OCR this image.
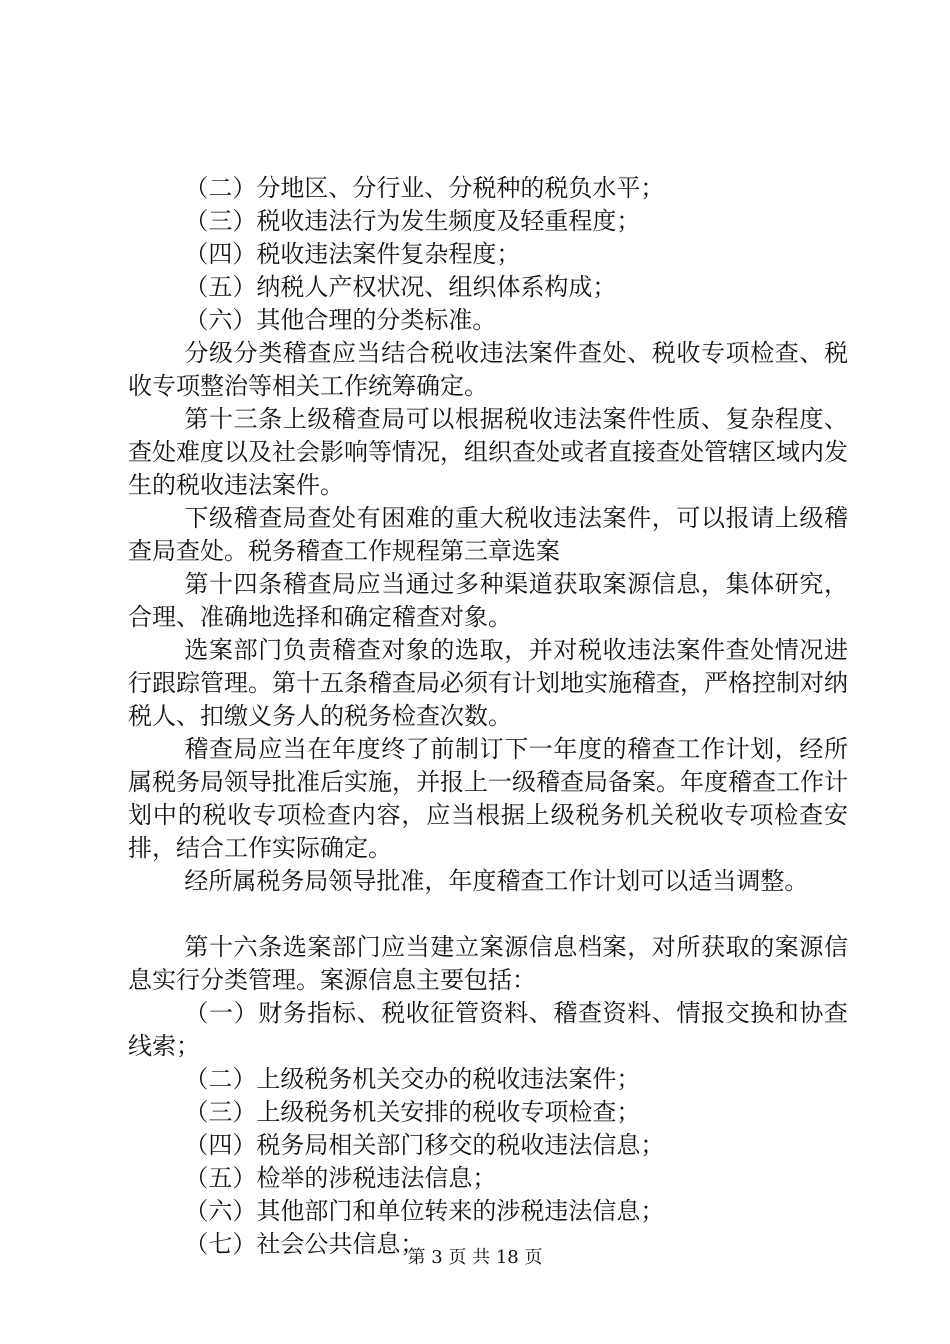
（二）分地区、分行业、分税种的税负水平；

（三）税收违法行为发生频度及轻重程度；

（四）税收违法案件复杂程度；

（五）纳税人产权状况、组织体系构成；

（六）其他合理的分类标准。

分级分类稽查应当结合税收违法案件查处、税收专项检查、税收专项整治等相关工作统筹确定。

第十三条上级稽查局可以根据税收违法案件性质、复杂程度、查处难度以及社会影响等情况，组织查处或者直接查处管辖区域内发生的税收违法案件。

下级稽查局查处有困难的重大税收违法案件，可以报请上级稽查局查处。税务稽查工作规程第三章选案

第十四条稽查局应当通过多种渠道获取案源信息，集体研究，合理、准确地选择和确定稽查对象。

选案部门负责稽查对象的选取，并对税收违法案件查处情况进行跟踪管理。第十五条稽查局必须有计划地实施稽查，严格控制对纳税人、扣缴义务人的税务检查次数。

稽查局应当在年度终了前制订下一年度的稽查工作计划，经所属税务局领导批准后实施，并报上一级稽查局备案。年度稽查工作计划中的税收专项检查内容，应当根据上级税务机关税收专项检查安排，结合工作实际确定。

经所属税务局领导批准，年度稽查工作计划可以适当调整。

第十六条选案部门应当建立案源信息档案，对所获取的案源信息实行分类管理。案源信息主要包括：

（一）财务指标、税收征管资料、稽查资料、情报交换和协查线索；

（二）上级税务机关交办的税收违法案件；

（三）上级税务机关安排的税收专项检查；

（四）税务局相关部门移交的税收违法信息；

（五）检举的涉税违法信息；

（六）其他部门和单位转来的涉税违法信息；

（七）社会公共信息；

第 3 页 共 18 页
